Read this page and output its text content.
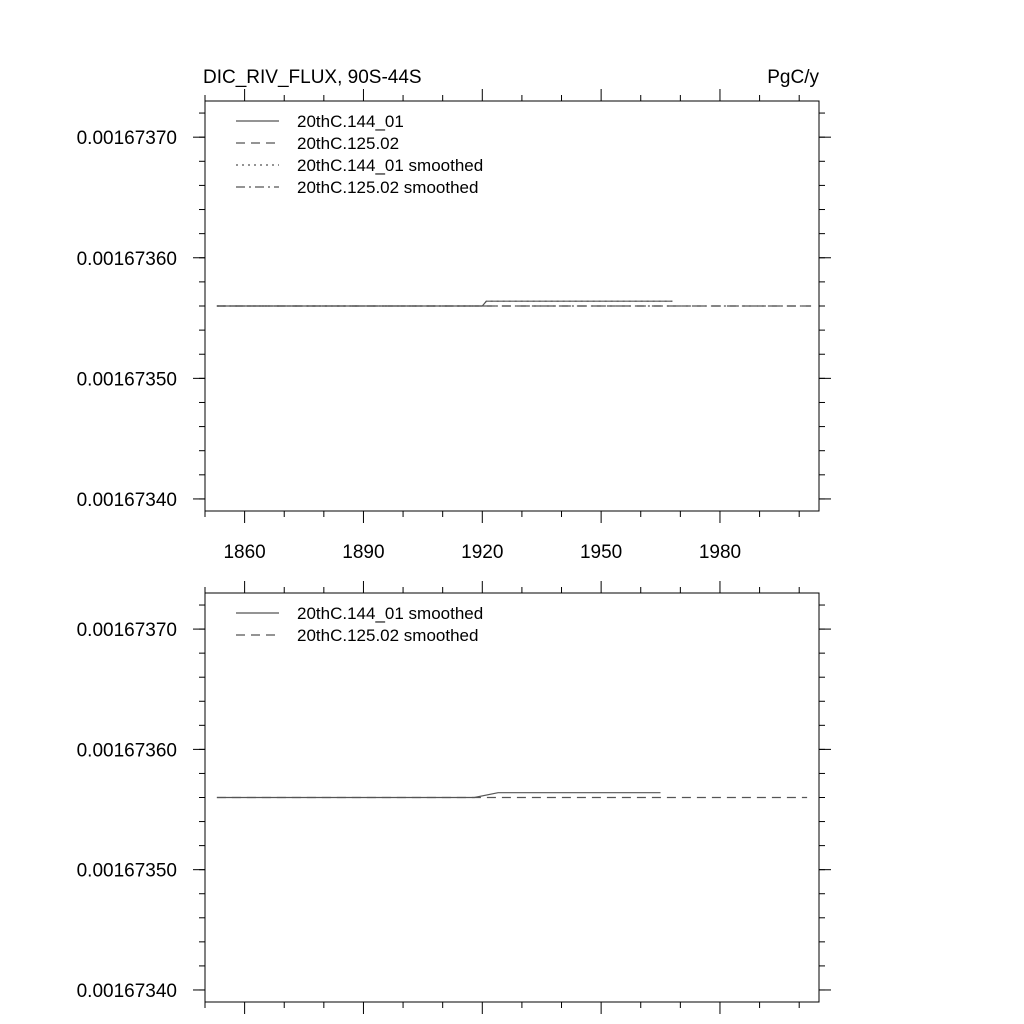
0.00167340
0.00167350
0.00167360
0.00167370
1860	1890	1920	1950	1980
DIC_RIV_FLUX, 90S-44S	PgC/y
20thC.144_01
20thC.125.02
20thC.144_01 smoothed
20thC.125.02 smoothed
0.00167340
0.00167350
0.00167360
0.00167370
20thC.144_01 smoothed
20thC.125.02 smoothed
